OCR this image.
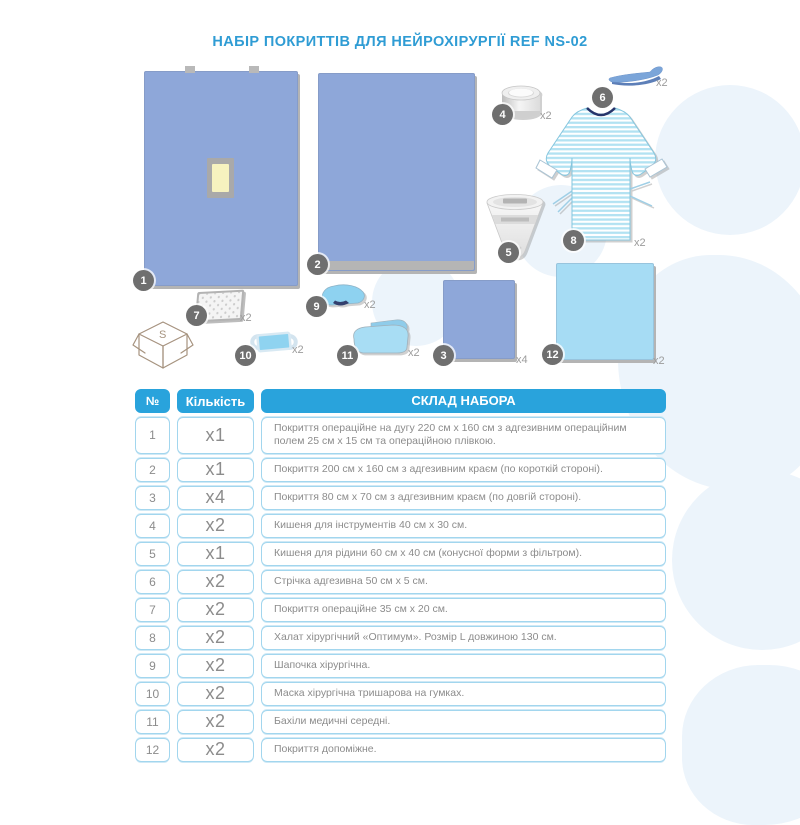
НАБІР ПОКРИТТІВ ДЛЯ НЕЙРОХІРУРГІЇ REF NS-02
1
2
3	x4
4	x2
5
6
x2
7	x2
8	x2
9	x2
10	x2	11	x2	12
x2
S
№	Кількість	СКЛАД НАБОРА
1	х1	Покриття операційне на дугу 220 см х 160 см з адгезивним операційним полем 25 см х 15 см та операційною плівкою.
2	х1	Покриття 200 см х 160 см з адгезивним краєм (по короткій стороні).
3	х4	Покриття 80 см х 70 см з адгезивним краєм (по довгій стороні).
4	х2	Кишеня для інструментів 40 см х 30 см.
5	х1	Кишеня для рідини 60 см х 40 см (конусної форми з фільтром).
6	х2	Стрічка адгезивна 50 см х 5 см.
7	х2	Покриття операційне 35 см х 20 см.
8	х2	Халат хірургічний «Оптимум». Розмір L довжиною 130 см.
9	х2	Шапочка хірургічна.
10	х2	Маска хірургічна тришарова на гумках.
11	х2	Бахіли медичні середні.
12	х2	Покриття допоміжне.
